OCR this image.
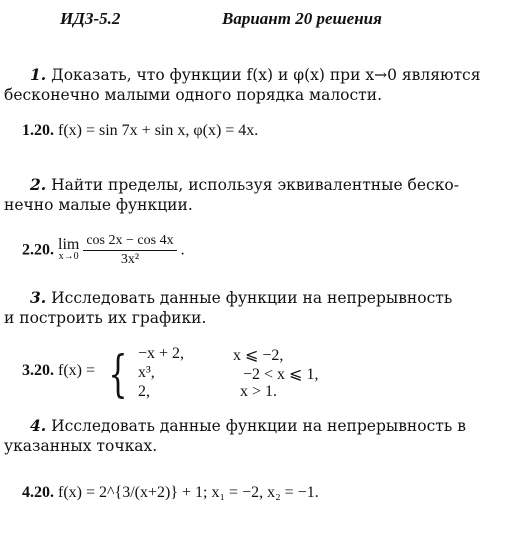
ИДЗ-5.2	Вариант 20 решения
1. Доказать, что функции f(x) и φ(x) при x→0 являются
бесконечно малыми одного порядка малости.
1.20. f(x) = sin 7x + sin x, φ(x) = 4x.
2. Найти пределы, используя эквивалентные беско-
нечно малые функции.
2.20. lim
x→0
$\frac{\cos 2x - \cos 4x}{\text{3x²}}$ .
3. Исследовать данные функции на непрерывность
и построить их графики.
3.20. f(x) = { −x + 2,	x ⩽ −2,
x³,	−2 < x ⩽ 1,
2,	x > 1.
4. Исследовать данные функции на непрерывность в
указанных точках.
4.20. f(x) = 2^{3/(x+2)} + 1; x₁ = −2, x₂ = −1.
